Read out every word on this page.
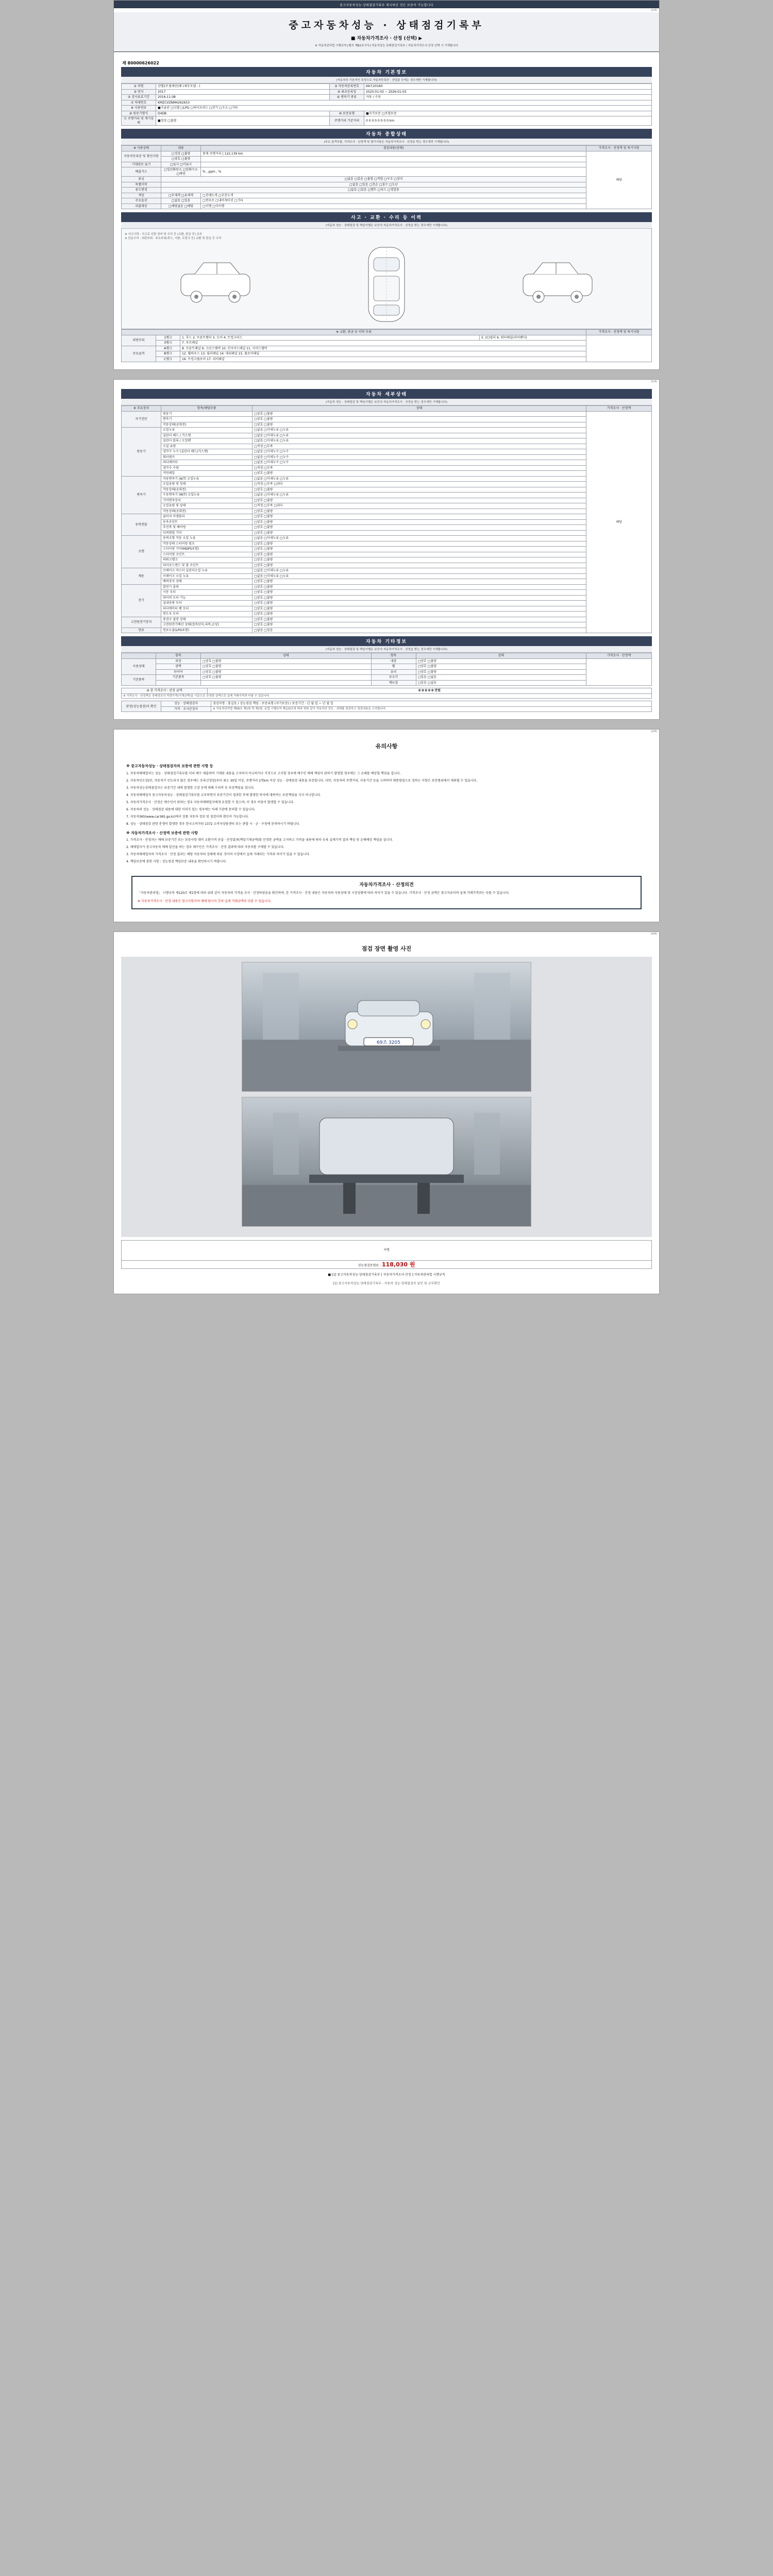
중고자동차성능·상태점검기록부 제시하신 것은 보증이 가능합니다
(1/4)
중고자동차성능 · 상태점검기록부
■ 자동차가격조사 · 산정 (선택) ▶
※ 자동차관리법 시행규칙 [별지 제82호서식] 자동차성능·상태점검기록부 / 자동차가격조사·산정 선택 시 기재합니다
제 80000626022
자동차 기본정보
(자동차의 기본적인 특성으로 자동차등록증 · 산업용 등에는 경우에만 기재합니다)
① 차명	산텔1트림세단(페 (세부모델 - )	② 자동차등록번호	69조20160
③ 연식	2017	④ 최초등록일	2025-01-03 ~ 2026-01-03
⑤ 검사유효기간	2016-11-08	⑥ 변속기 종류	자동 / 수동
⑦ 차대번호	KMZCVZNM4262653		
⑧ 사용연료	■가솔린 □디젤 □LPG □하이브리드 □전기 □수소 □기타		
⑨ 원동기형식	D4DB	⑩ 보증유형	■자가보증 □보험보증
⑪ 주행거리 및 계기상태	■정상 □불량	주행거리 기준거리	0 0 0 0 0 0 0 0 km
자동차 종합상태
(주요 골격부품, 가격조사 · 산정액 및 평가사항은 자동차가격조사 · 산정을 받는 경우에만 기재합니다)
※ 사용상태	내용	점검내용(상태)	가격조사 · 산정액 및 특기사항
자동차등록증 및 확인사항	□정상 □불량	현재 주행거리 | 122,139 km	해당
	□양호 □불량		
기대관로 표기	□표시 □미표시		
배출가스	□일산화탄소 □탄화수소 □매연	% , ppm , %	
튜닝	□없음 □있음 □불법 □적법 □구조 □장치		
특별이력	□없음 □있음 □전손 □침수 □도난		
용도변경	□없음 □있음 □렌트 □리스 □영업용		
색상	□무채색 □유채색	□전체도색 □부분도색	
주요옵션	□없음 □있음	□썬루프 □내비게이션 □기타	
리콜대상	□해당없음 □해당	□이행 □미이행	
사고 · 교환 · 수리 등 이력
(자동차 성능 · 상태점검 및 책임이행은 보증의 자동차가격조사 · 산정을 받는 경우에만 기재합니다)
※ 사고이력 : 사고로 인한 정비 및 수리 등 (교환, 판금 등) 유무
※ 단순수리 : 외판부위 · 주요부위(후드, 지붕, 트렁크 등) 교환 및 판금 등 수리
※ 교환, 판금 등 이력 부위				가격조사 · 산정액 및 특기사항
외판부위	1랭크	1. 후드 2. 프론트펜더 3. 도어 4. 트렁크리드	5. (C)필러 6. 쿼터패널(리어펜더)	
	3랭크	7. 루프패널		
주요골격	A랭크	8. 프론트패널 9. 크로스멤버 10. 인사이드패널 11. 사이드멤버		
	B랭크	12. 휠하우스 13. 필러패널 14. 대쉬패널 15. 플로어패널		
	C랭크	16. 트렁크플로어 17. 리어패널		
(1/4)
자동차 세부상태
(자동차 성능 · 상태점검 및 책임이행은 보증의 자동차가격조사 · 산정을 받는 경우에만 기재합니다)
※ 주요장치	항목/해당부품	상태	가격조사 · 산정액
자기진단	원동기	□양호 □불량	해당
	변속기	□양호 □불량	
	작동상태(공회전)	□양호 □불량	
원동기	오일누유	□없음 □미세누유 □누유	
	실린더 헤드 / 가스켓	□없음 □미세누유 □누유	
	실린더 블록 / 오일팬	□없음 □미세누유 □누유	
	오일 유량	□적정 □부족	
	냉각수 누수 (실린더 헤드/가스켓)	□없음 □미세누수 □누수	
	워터펌프	□없음 □미세누수 □누수	
	라디에이터	□없음 □미세누수 □누수	
	냉각수 수량	□적정 □부족	
	커먼레일	□양호 □불량	
변속기	자동변속기 (A/T) 오일누유	□없음 □미세누유 □누유	
	오일유량 및 상태	□적정 □부족 □과다	
	작동상태(공회전)	□양호 □불량	
	수동변속기 (M/T) 오일누유	□없음 □미세누유 □누유	
	기어변속장치	□양호 □불량	
	오일유량 및 상태	□적정 □부족 □과다	
	작동상태(공회전)	□양호 □불량	
동력전달	클러치 어셈블리	□양호 □불량	
	등속조인트	□양호 □불량	
	추진축 및 베어링	□양호 □불량	
	디퍼렌셜 기어	□양호 □불량	
조향	동력조향 작동 오일 누유	□없음 □미세누유 □누유	
	작동상태 스티어링 펌프	□양호 □불량	
	스티어링 기어(MDPS포함)	□양호 □불량	
	스티어링 조인트	□양호 □불량	
	파워크랭크	□양호 □불량	
	타이로드엔드 및 볼 조인트	□양호 □불량	
제동	브레이크 마스터 실린더오일 누유	□없음 □미세누유 □누유	
	브레이크 오일 누유	□없음 □미세누유 □누유	
	배력장치 상태	□양호 □불량	
전기	발전기 출력	□양호 □불량	
	시동 모터	□양호 □불량	
	와이퍼 모터 기능	□양호 □불량	
	실내송풍 모터	□양호 □불량	
	라디에이터 팬 모터	□양호 □불량	
	윈도우 모터	□양호 □불량	
고전원전기장치	충전구 절연 상태	□양호 □불량	
	고전원전기배선 상태(접속단자,피복,손상)	□양호 □불량	
연료	연료누출(LPG포함)	□없음 □있음	
자동차 기타정보
(자동차 성능 · 상태점검 및 책임이행은 보증의 자동차가격조사 · 산정을 받는 경우에만 기재합니다)
	항목	상태	항목	상태	가격조사 · 산정액
사용상태	외장	□양호 □불량	내장	□양호 □불량	
	광택	□양호 □불량	휠	□양호 □불량	
	타이어	□양호 □불량	유리	□양호 □불량	
기본품목	기본품목	□양호 □불량	보조키	□있음 □없음	
			매뉴얼	□있음 □없음	
※ 총 가격조사 · 산정 금액	0 0 0 0 0 만원
※ 가격조사 · 산정액은 상태정보의 차량가격(기재금액)을 기준으로 산정한 금액으로 실제 거래가격과 다를 수 있습니다.
판정(성능점검)자 확인	성능 · 상태점검자	점검자명 : 홍길동 / 성능점검 책임 : 보증유형 (자기보증) / 보증기간 : 년 월 일 ~ 년 월 일
	가격 · 조사산정자	※ 자동차관리법 제58조 제1항 및 제2항, 동법 시행규칙 제120조에 따라 위와 같이 자동차의 성능 · 상태를 점검하고 점검내용을 고지합니다.
(2/4)
유의사항
※ 중고자동차성능 · 상태점검자의 보증에 관한 사항 등

1. 자동차매매업자는 성능 · 상태점검기록부를 미리 매수 제출하여 기재된 내용을 고지하지 아니하거나 거짓으로 고지할 경우에 매수인 매매 책임이 관하기 발생할 경우에는 그 손해를 배상할 책임을 집니다.

2. 자동차인도일(단, 자동차가 인도되지 않은 경우에는 등록신청일)부터 최소 30일 이상, 주행거리 2천km 이상 성능 · 상태점검 내용을 보증합니다. 다만, 자동차의 주행거리, 사용기간 등을 고려하여 대통령령으로 정하는 사항은 보증범위에서 제외될 수 있습니다.

3. 자동차성능상태점검자는 보증기간 내에 발생한 고장 등에 대해 수리비 등 보증책임을 집니다.

4. 자동차매매업자 중고자동차성능 · 상태점검기록부를 교부하면서 보증기간이 경과한 후에 발생한 하자에 대하여는 보증책임을 지지 아니합니다.

5. 자동차가격조사 · 산정은 매수인이 원하는 경우 자동차매매업자에게 요청할 수 있으며, 이 경우 비용이 발생할 수 있습니다.

6. 자동차의 성능 · 상태점검 내용에 대한 이의가 있는 경우에는 아래 기관에 문의할 수 있습니다.

7. 자동차365(www.car365.go.kr)에서 상품 자동차 정보 및 점검이력 확인이 가능합니다.

8. 성능 · 상태점검 관련 분쟁이 발생한 경우 한국소비자원 1372 소비자상담센터 또는 관할 시 · 군 · 구청에 문의하시기 바랍니다.

※ 자동차가격조사 · 산정액 보증에 관한 사항

1. 가격조사 · 산정자는 매매 보증기간 또는 보증사항 대비 교환가격 산출 · 산정결과(책임기재금액)를 산정한 금액을 고지하고 가격을 내용에 따라 등록 실제가격 결과 책임 및 손해배상 책임을 집니다.

2. 매매업자가 중고자동차 매매 알선을 하는 경우 매수인은 가격조사 · 산정 결과에 따라 자동차를 구매할 수 있습니다.

3. 자동차매매업자의 가격조사 · 산정 결과는 해당 자동차의 상태에 따른 것이며 시장에서 실제 거래되는 가격과 차이가 있을 수 있습니다.

4. 책임보증에 관한 사항 : 성능점검 책임보증 내용을 확인하시기 바랍니다.

자동차가격조사 · 산정의견
「자동차관리법」 시행규칙 제120조 제1항에 따라 위와 같이 자동차의 가격을 조사 · 산정하였음을 확인하며, 본 가격조사 · 산정 내용은 자동차의 사용상태 및 시장상황에 따라 차이가 있을 수 있습니다. 가격조사 · 산정 금액은 참고자료이며 실제 거래가격과는 다를 수 있습니다.
※ 자동차가격조사 · 산정 내용은 참고사항이며 매매 당사자 간의 실제 거래금액과 다를 수 있습니다.
(4/4)
점검 장면 촬영 사진
69조 3205
서명
성능점검보험료 : 118,030 원
■ [1] 중고자동차성능·상태점검기록부 [ 자동차가격조사·산정 ] 자동차관리법 시행규칙
[1] 중고자동차성능·상태점검기록부 - 자동차 성능·상태점검자 날인 및 교부확인
